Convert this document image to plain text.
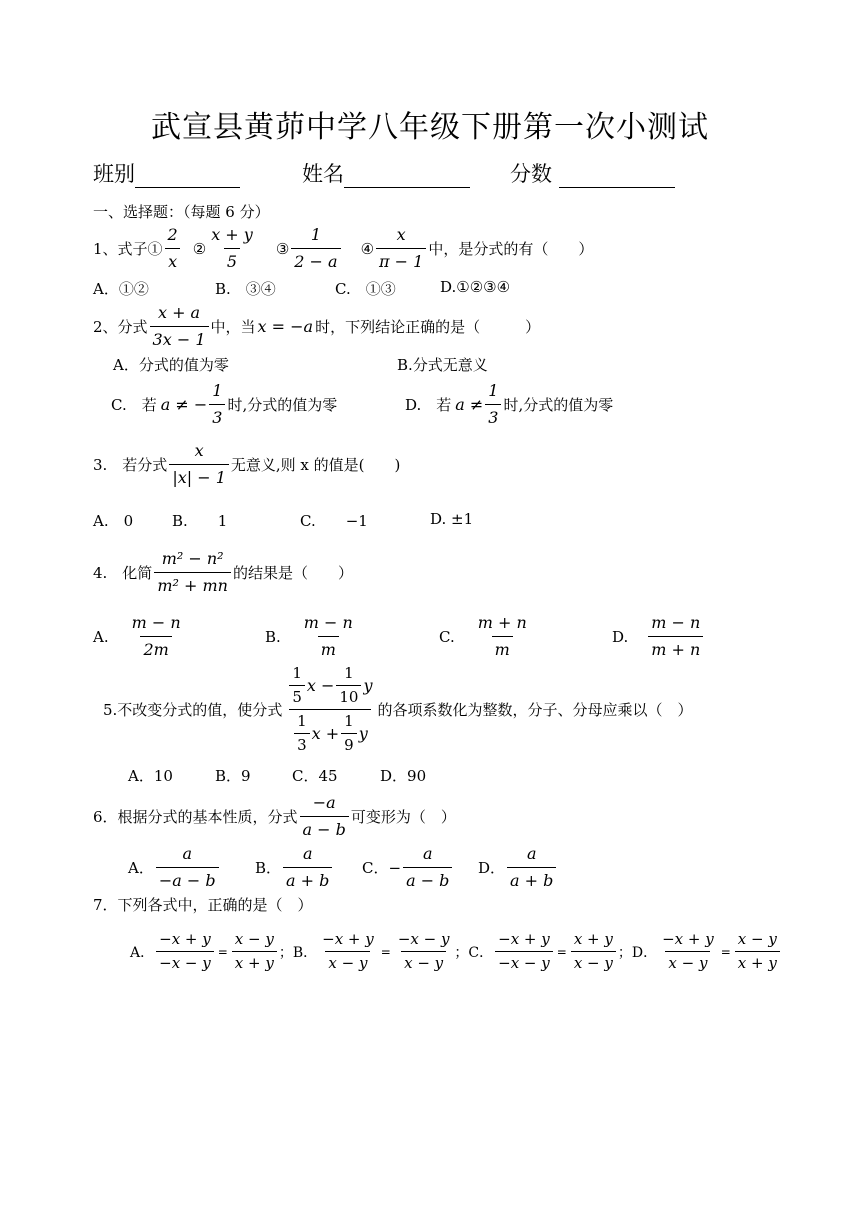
武宣县黄茆中学八年级下册第一次小测试
班别	姓名	分数
一、选择题：（每题 6 分）
1、式子① $\frac{2}{x}$ ② $\frac{x + y}{5}$ ③ $\frac{1}{2 - a}$ ④ $\frac{x}{\pi - 1}$ 中，是分式的有（　　）
A．①②	B.　③④	C.　①③	D.①②③④
2、分式 $\frac{x + a}{3x - 1}$ 中，当 x = −a 时，下列结论正确的是（　　　）
A．分式的值为零	B.分式无意义
C.　若 a ≠ − $\frac{1}{3}$ 时,分式的值为零	D.　若 $a \ne \frac{1}{3}$ 时,分式的值为零
3.　若分式 $\frac{x}{|x| - 1}$ 无意义,则 x 的值是(　　)
A.　0	B.　　1	C.　　−1	D. ±1
4.　化简 $\frac{\text{m² − n²}}{\text{m² + mn}}$ 的结果是（　　）
A. $\frac{m - n}{2m}$	B. $\frac{m - n}{m}$	C. $\frac{m + n}{m}$	D. $\frac{m - n}{m + n}$
5.不改变分式的值，使分式 $\frac{\frac{1}{5} x - \frac{1}{10} y}{\frac{1}{3} x + \frac{1}{9} y}$ 的各项系数化为整数，分子、分母应乘以（　）
A．10	B．9	C．45	D．90
6．根据分式的基本性质，分式 $\frac{-a}{a - b}$ 可变形为（　）
A． $\frac{a}{-a - b}$ B． $\frac{a}{a + b}$ C． − $\frac{a}{a - b}$ D． $\frac{a}{a + b}$
7．下列各式中，正确的是（　）
A． $\frac{-x + y}{-x - y} = \frac{x - y}{x + y}$ ； B． $\frac{-x + y}{x - y} = \frac{-x - y}{x - y}$ ； C． $\frac{-x + y}{-x - y} = \frac{x + y}{x - y}$ ； D． $\frac{-x + y}{x - y} = \frac{x - y}{x + y}$
